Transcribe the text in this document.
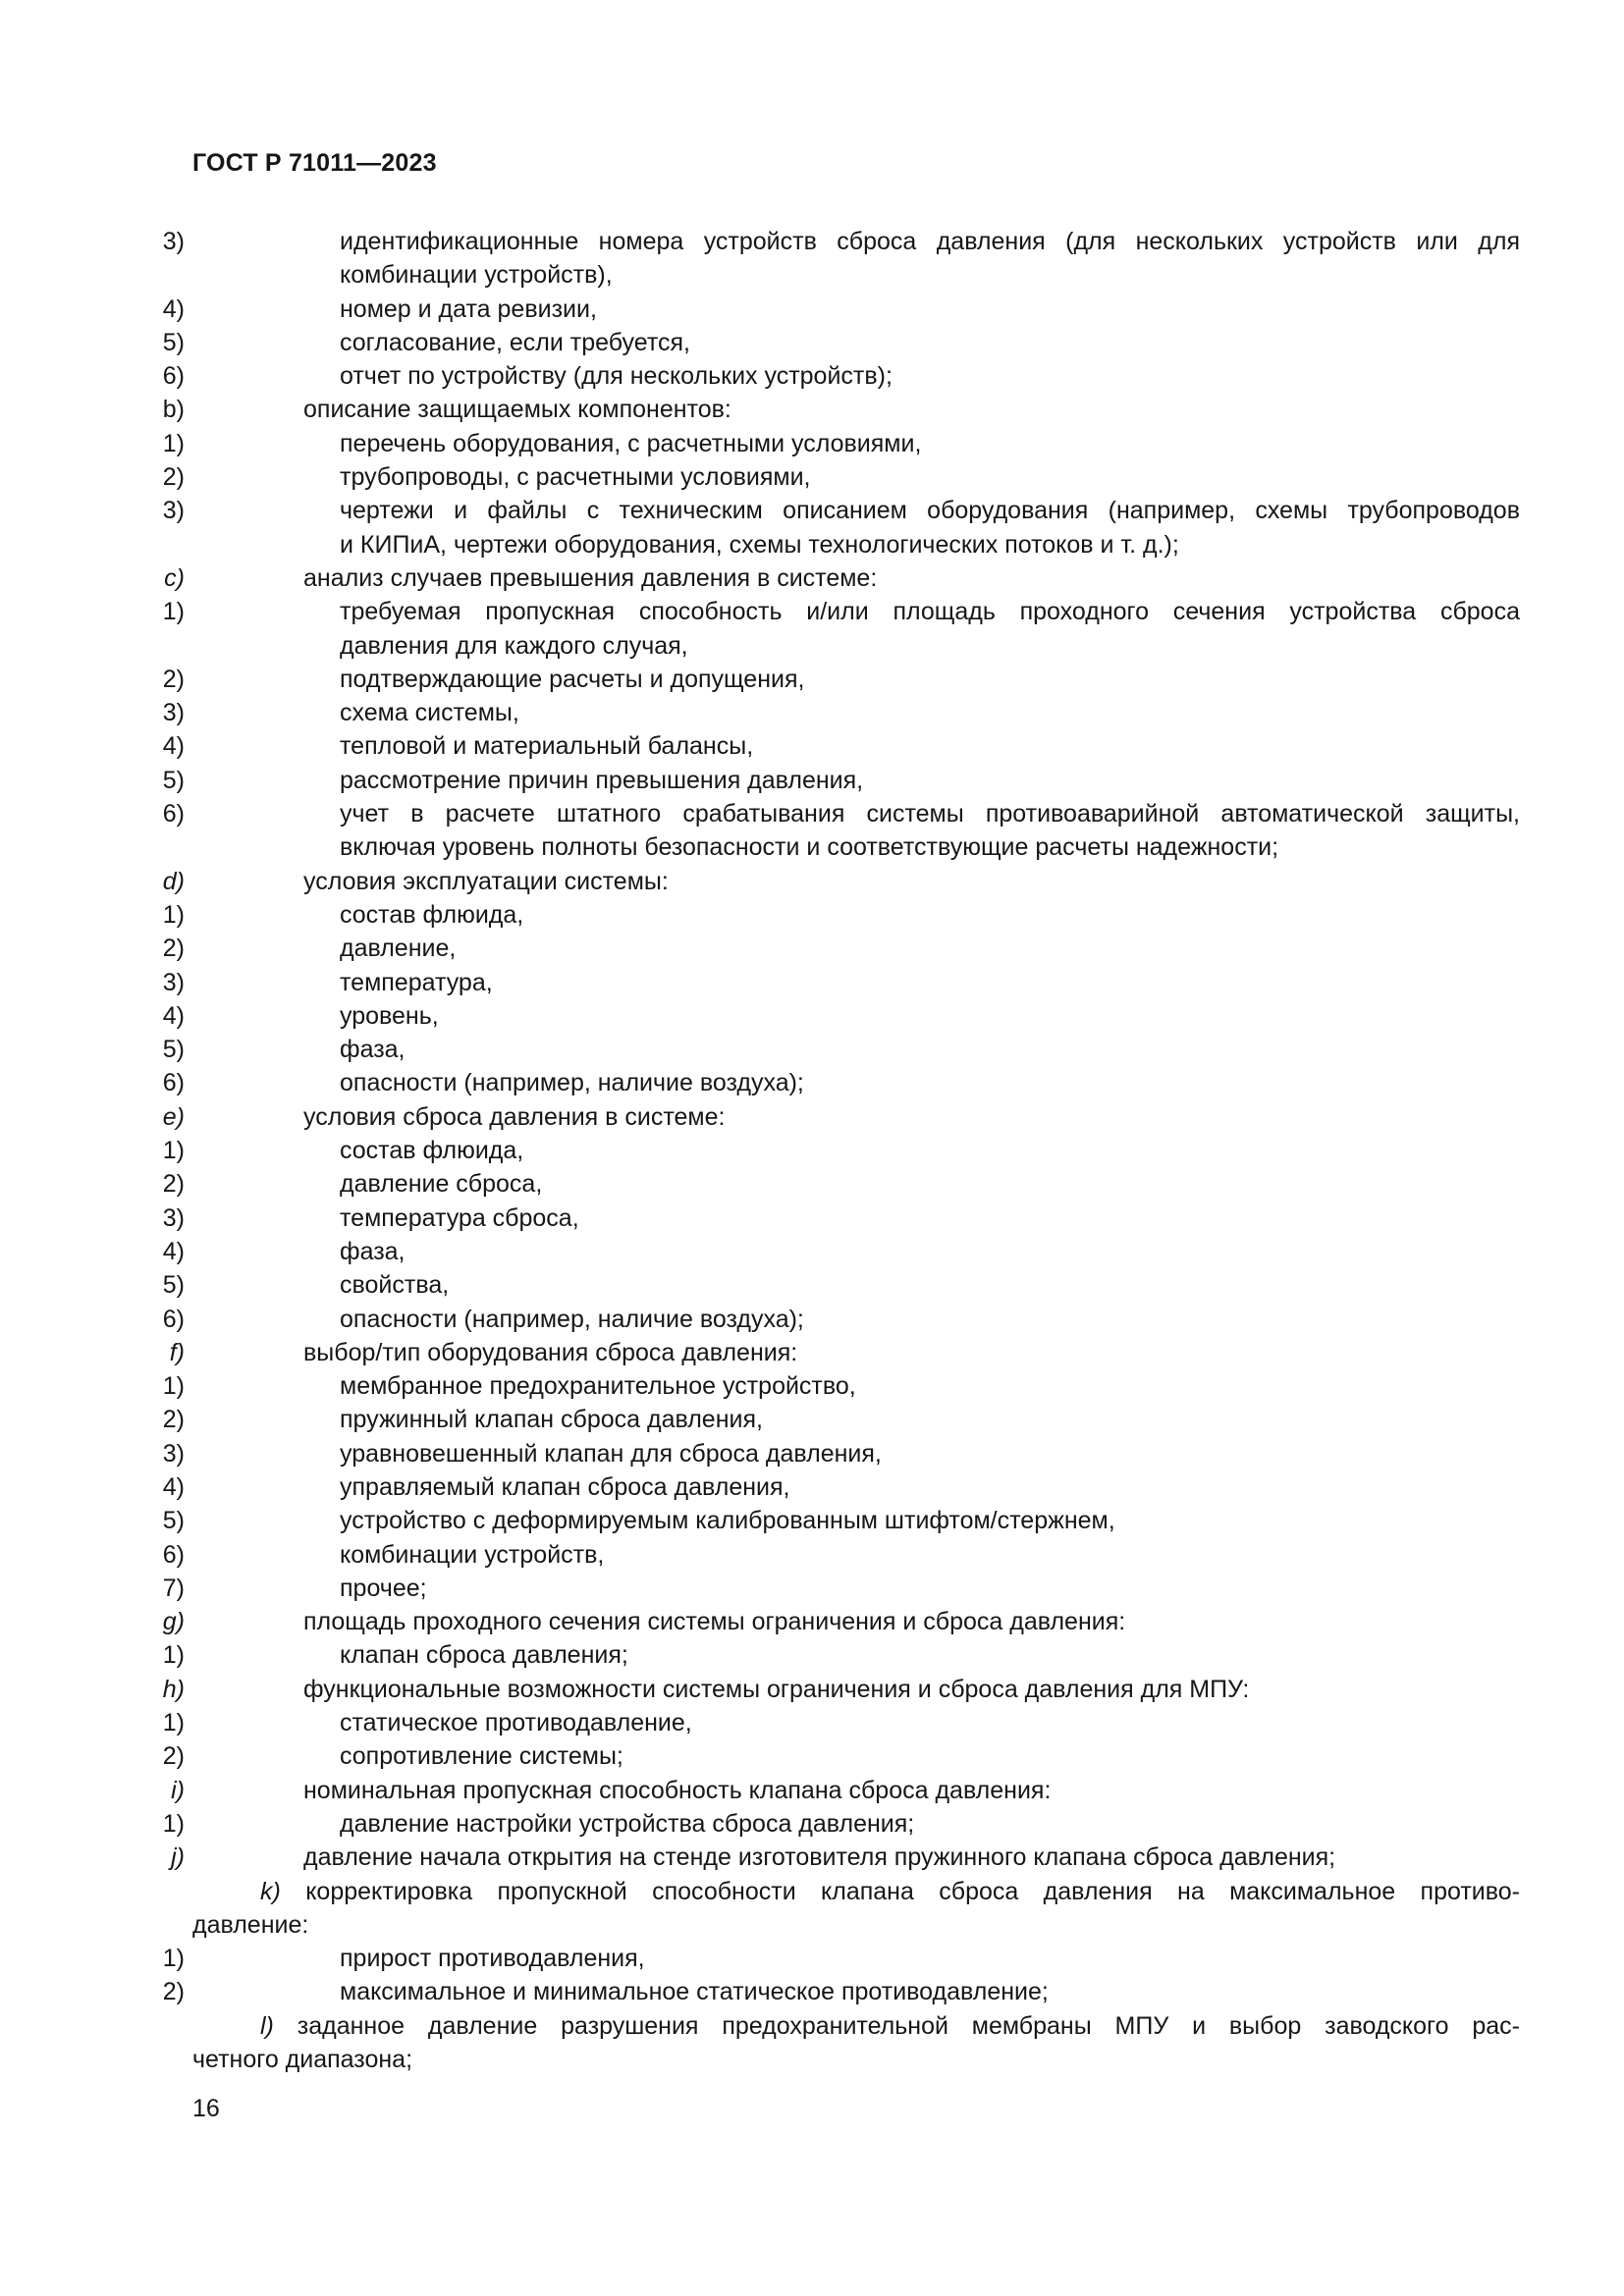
ГОСТ Р 71011—2023
3)	идентификационные номера устройств сброса давления (для нескольких устройств или для
комбинации устройств),
4)	номер и дата ревизии,
5)	согласование, если требуется,
6)	отчет по устройству (для нескольких устройств);
b)	описание защищаемых компонентов:
1)	перечень оборудования, с расчетными условиями,
2)	трубопроводы, с расчетными условиями,
3)	чертежи и файлы с техническим описанием оборудования (например, схемы трубопроводов
и КИПиА, чертежи оборудования, схемы технологических потоков и т. д.);
c)	анализ случаев превышения давления в системе:
1)	требуемая пропускная способность и/или площадь проходного сечения устройства сброса
давления для каждого случая,
2)	подтверждающие расчеты и допущения,
3)	схема системы,
4)	тепловой и материальный балансы,
5)	рассмотрение причин превышения давления,
6)	учет в расчете штатного срабатывания системы противоаварийной автоматической защиты,
включая уровень полноты безопасности и соответствующие расчеты надежности;
d)	условия эксплуатации системы:
1)	состав флюида,
2)	давление,
3)	температура,
4)	уровень,
5)	фаза,
6)	опасности (например, наличие воздуха);
e)	условия сброса давления в системе:
1)	состав флюида,
2)	давление сброса,
3)	температура сброса,
4)	фаза,
5)	свойства,
6)	опасности (например, наличие воздуха);
f)	выбор/тип оборудования сброса давления:
1)	мембранное предохранительное устройство,
2)	пружинный клапан сброса давления,
3)	уравновешенный клапан для сброса давления,
4)	управляемый клапан сброса давления,
5)	устройство с деформируемым калиброванным штифтом/стержнем,
6)	комбинации устройств,
7)	прочее;
g)	площадь проходного сечения системы ограничения и сброса давления:
1)	клапан сброса давления;
h)	функциональные возможности системы ограничения и сброса давления для МПУ:
1)	статическое противодавление,
2)	сопротивление системы;
i)	номинальная пропускная способность клапана сброса давления:
1)	давление настройки устройства сброса давления;
j)	давление начала открытия на стенде изготовителя пружинного клапана сброса давления;
k) корректировка пропускной способности клапана сброса давления на максимальное противо-
давление:
1)	прирост противодавления,
2)	максимальное и минимальное статическое противодавление;
l) заданное давление разрушения предохранительной мембраны МПУ и выбор заводского рас-
четного диапазона;
16
